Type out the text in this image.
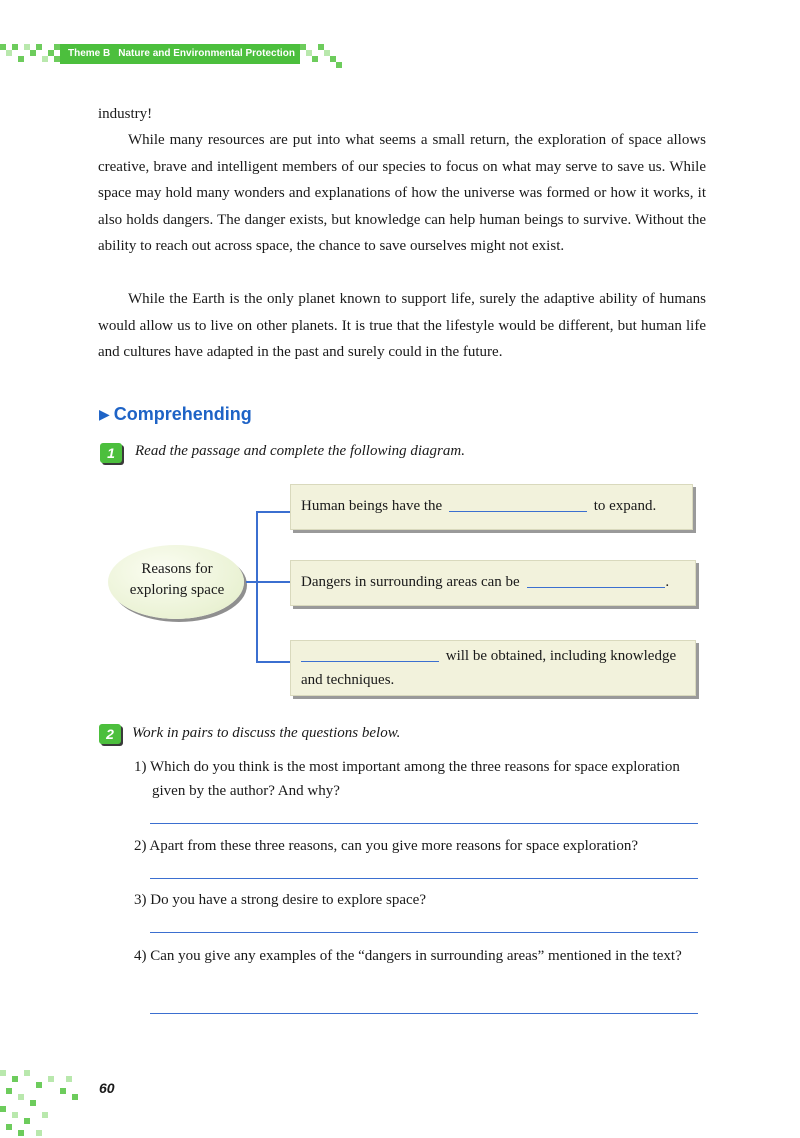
Theme B Nature and Environmental Protection

industry!

While many resources are put into what seems a small return, the exploration of space allows creative, brave and intelligent members of our species to focus on what may serve to save us. While space may hold many wonders and explanations of how the universe was formed or how it works, it also holds dangers. The danger exists, but knowledge can help human beings to survive. Without the ability to reach out across space, the chance to save ourselves might not exist.

While the Earth is the only planet known to support life, surely the adaptive ability of humans would allow us to live on other planets. It is true that the lifestyle would be different, but human life and cultures have adapted in the past and surely could in the future.

▶ Comprehending
1	Read the passage and complete the following diagram.
Reasons for
exploring space
Human beings have the	to expand.
Dangers in surrounding areas can be	.
will be obtained, including knowledge
and techniques.
2	Work in pairs to discuss the questions below.

1) Which do you think is the most important among the three reasons for space exploration given by the author? And why?

2) Apart from these three reasons, can you give more reasons for space exploration?

3) Do you have a strong desire to explore space?

4) Can you give any examples of the “dangers in surrounding areas” mentioned in the text?

60
